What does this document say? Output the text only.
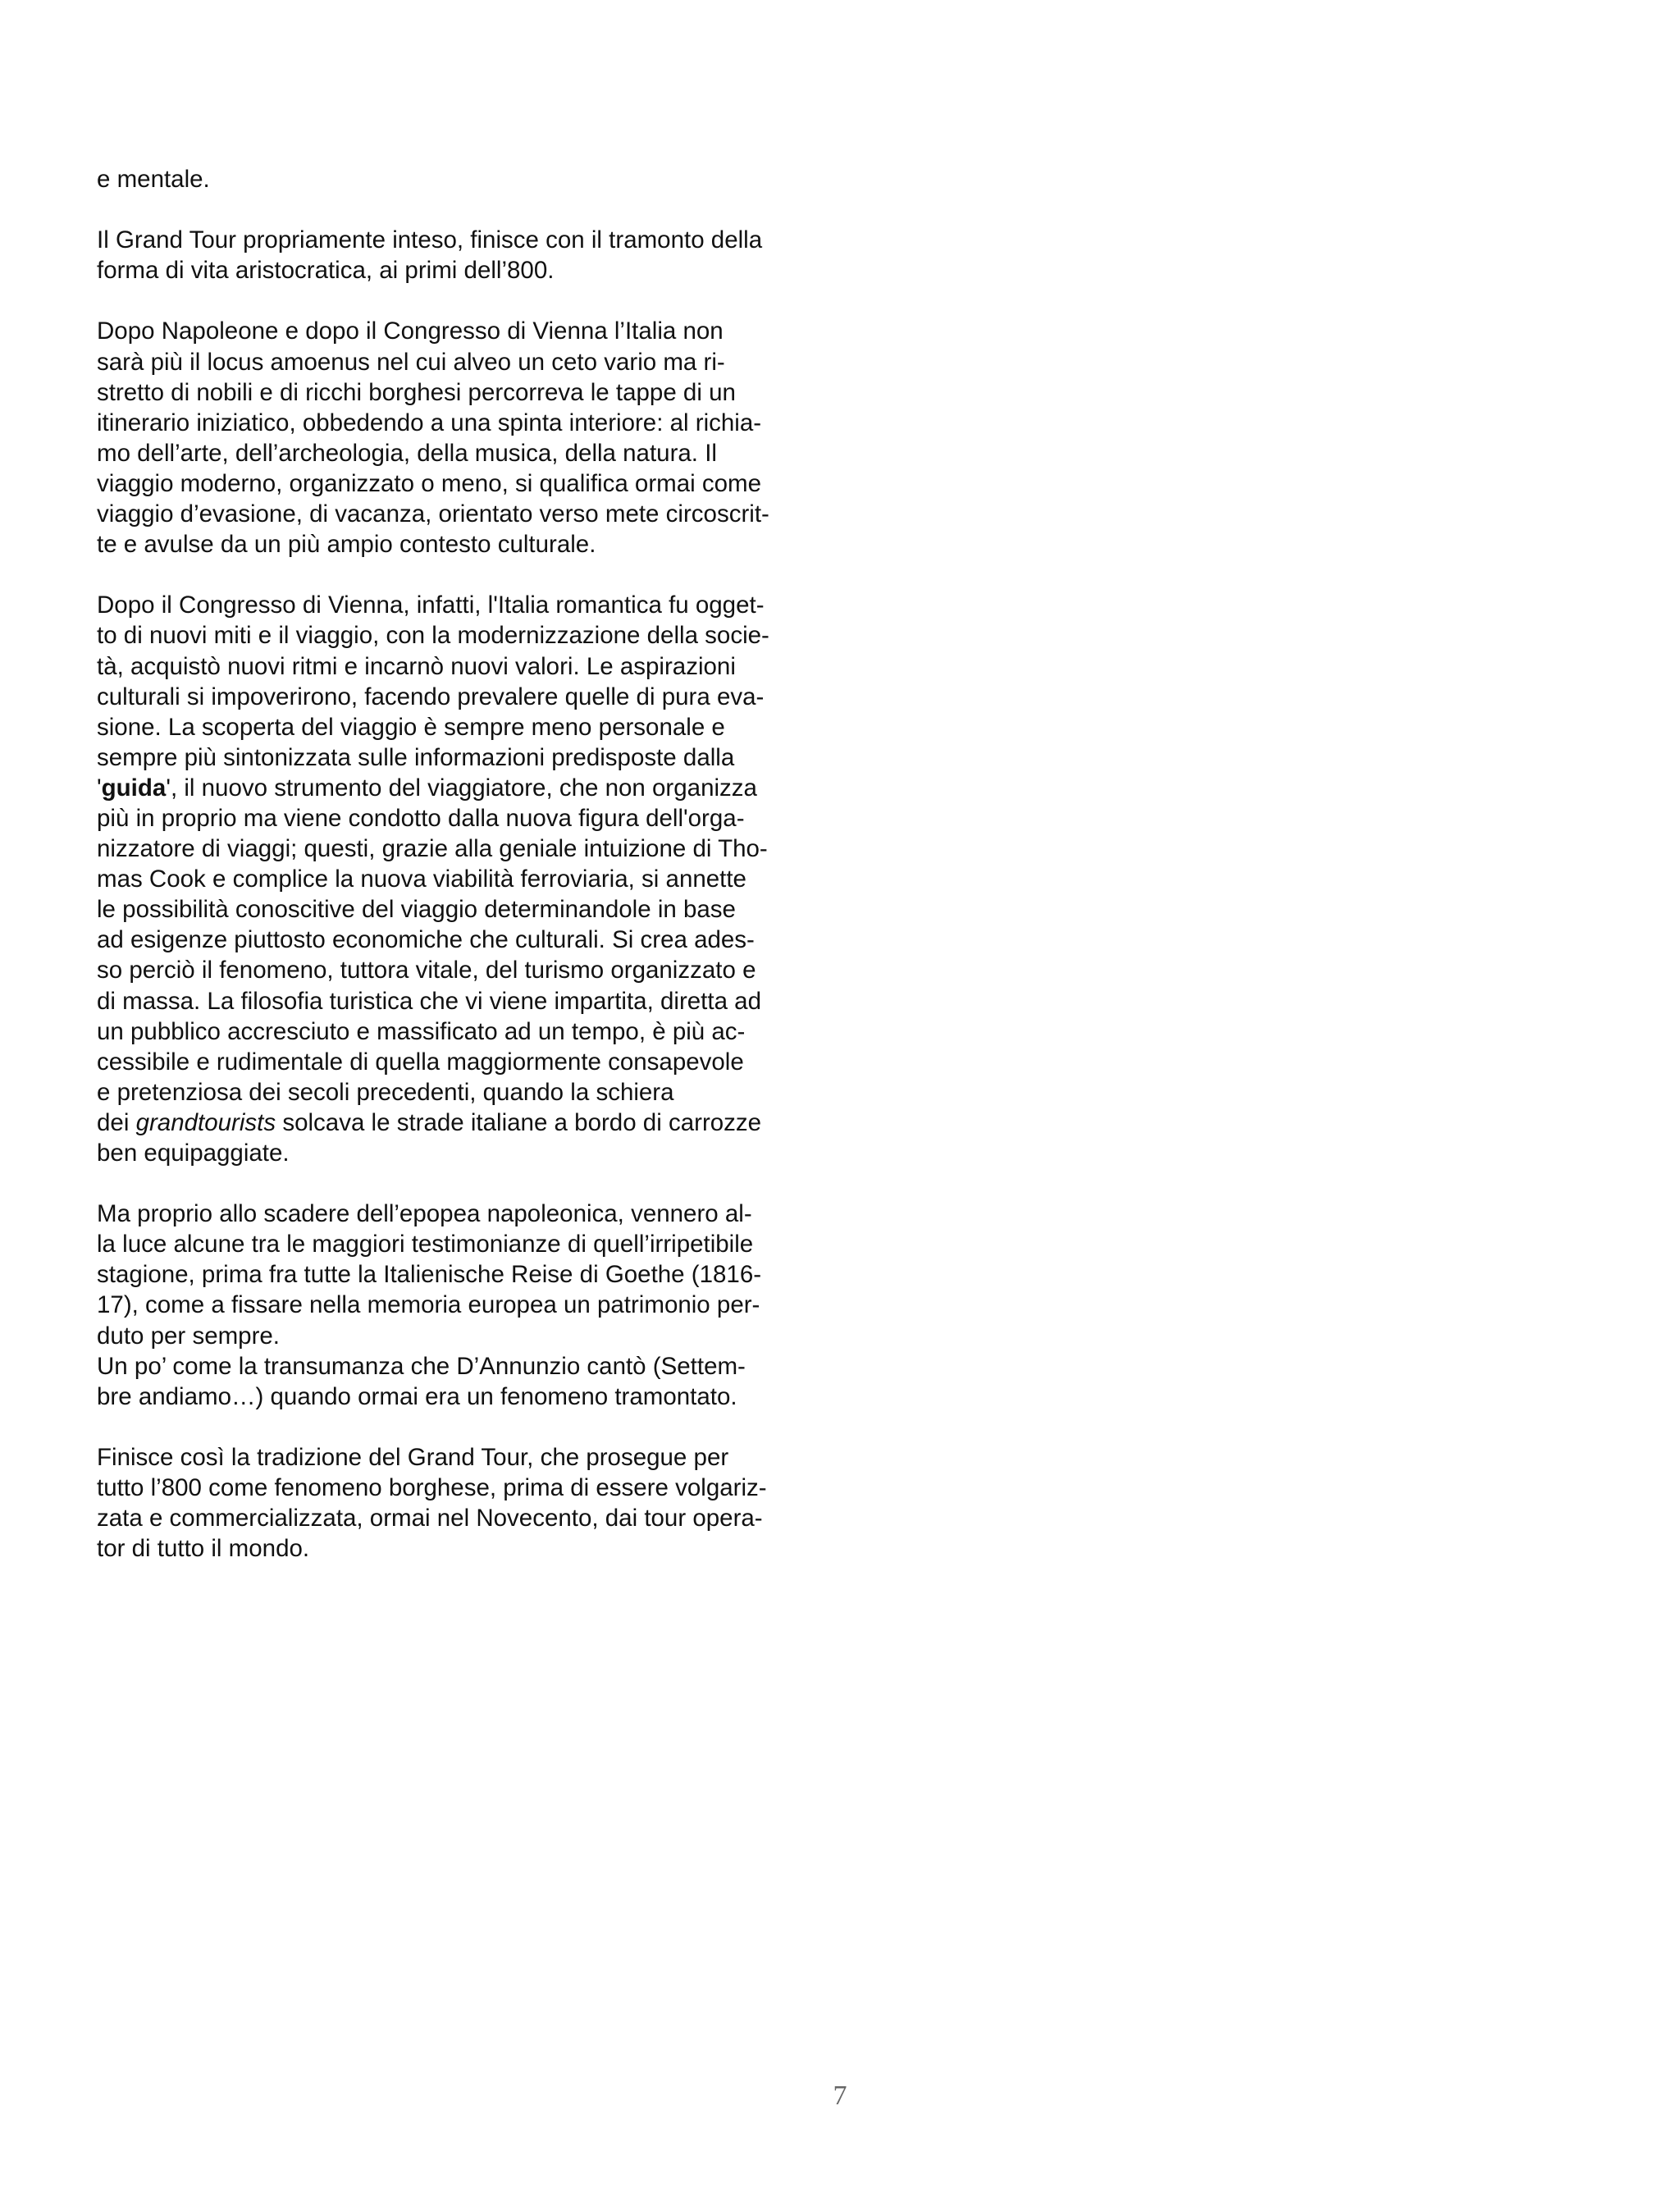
e mentale.
Il Grand Tour propriamente inteso, finisce con il tramonto della
forma di vita aristocratica, ai primi dell’800.
Dopo Napoleone e dopo il Congresso di Vienna l’Italia non
sarà più il locus amoenus nel cui alveo un ceto vario ma ri-
stretto di nobili e di ricchi borghesi percorreva le tappe di un
itinerario iniziatico, obbedendo a una spinta interiore: al richia-
mo dell’arte, dell’archeologia, della musica, della natura. Il
viaggio moderno, organizzato o meno, si qualifica ormai come
viaggio d’evasione, di vacanza, orientato verso mete circoscrit-
te e avulse da un più ampio contesto culturale.
Dopo il Congresso di Vienna, infatti, l'Italia romantica fu ogget-
to di nuovi miti e il viaggio, con la modernizzazione della socie-
tà, acquistò nuovi ritmi e incarnò nuovi valori. Le aspirazioni
culturali si impoverirono, facendo prevalere quelle di pura eva-
sione. La scoperta del viaggio è sempre meno personale e
sempre più sintonizzata sulle informazioni predisposte dalla
'guida', il nuovo strumento del viaggiatore, che non organizza
più in proprio ma viene condotto dalla nuova figura dell'orga-
nizzatore di viaggi; questi, grazie alla geniale intuizione di Tho-
mas Cook e complice la nuova viabilità ferroviaria, si annette
le possibilità conoscitive del viaggio determinandole in base
ad esigenze piuttosto economiche che culturali. Si crea ades-
so perciò il fenomeno, tuttora vitale, del turismo organizzato e
di massa. La filosofia turistica che vi viene impartita, diretta ad
un pubblico accresciuto e massificato ad un tempo, è più ac-
cessibile e rudimentale di quella maggiormente consapevole
e pretenziosa dei secoli precedenti, quando la schiera
dei grandtourists solcava le strade italiane a bordo di carrozze
ben equipaggiate.
Ma proprio allo scadere dell’epopea napoleonica, vennero al-
la luce alcune tra le maggiori testimonianze di quell’irripetibile
stagione, prima fra tutte la Italienische Reise di Goethe (1816-
17), come a fissare nella memoria europea un patrimonio per-
duto per sempre.
Un po’ come la transumanza che D’Annunzio cantò (Settem-
bre andiamo…) quando ormai era un fenomeno tramontato.
Finisce così la tradizione del Grand Tour, che prosegue per
tutto l’800 come fenomeno borghese, prima di essere volgariz-
zata e commercializzata, ormai nel Novecento, dai tour opera-
tor di tutto il mondo.
7
